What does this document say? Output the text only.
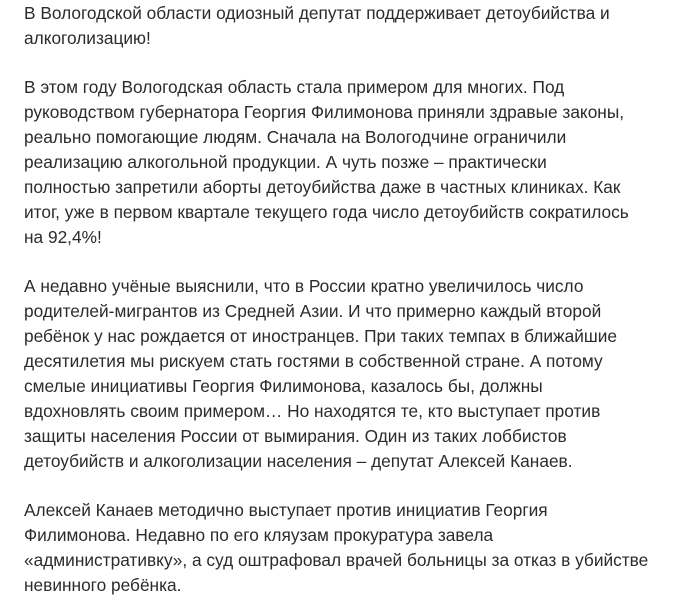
В Вологодской области одиозный депутат поддерживает детоубийства и
алкоголизацию!

В этом году Вологодская область стала примером для многих. Под
руководством губернатора Георгия Филимонова приняли здравые законы,
реально помогающие людям. Сначала на Вологодчине ограничили
реализацию алкогольной продукции. А чуть позже – практически
полностью запретили аборты детоубийства даже в частных клиниках. Как
итог, уже в первом квартале текущего года число детоубийств сократилось
на 92,4%!

А недавно учёные выяснили, что в России кратно увеличилось число
родителей-мигрантов из Средней Азии. И что примерно каждый второй
ребёнок у нас рождается от иностранцев. При таких темпах в ближайшие
десятилетия мы рискуем стать гостями в собственной стране. А потому
смелые инициативы Георгия Филимонова, казалось бы, должны
вдохновлять своим примером… Но находятся те, кто выступает против
защиты населения России от вымирания. Один из таких лоббистов
детоубийств и алкоголизации населения – депутат Алексей Канаев.

Алексей Канаев методично выступает против инициатив Георгия
Филимонова. Недавно по его кляузам прокуратура завела
«административку», а суд оштрафовал врачей больницы за отказ в убийстве
невинного ребёнка.
